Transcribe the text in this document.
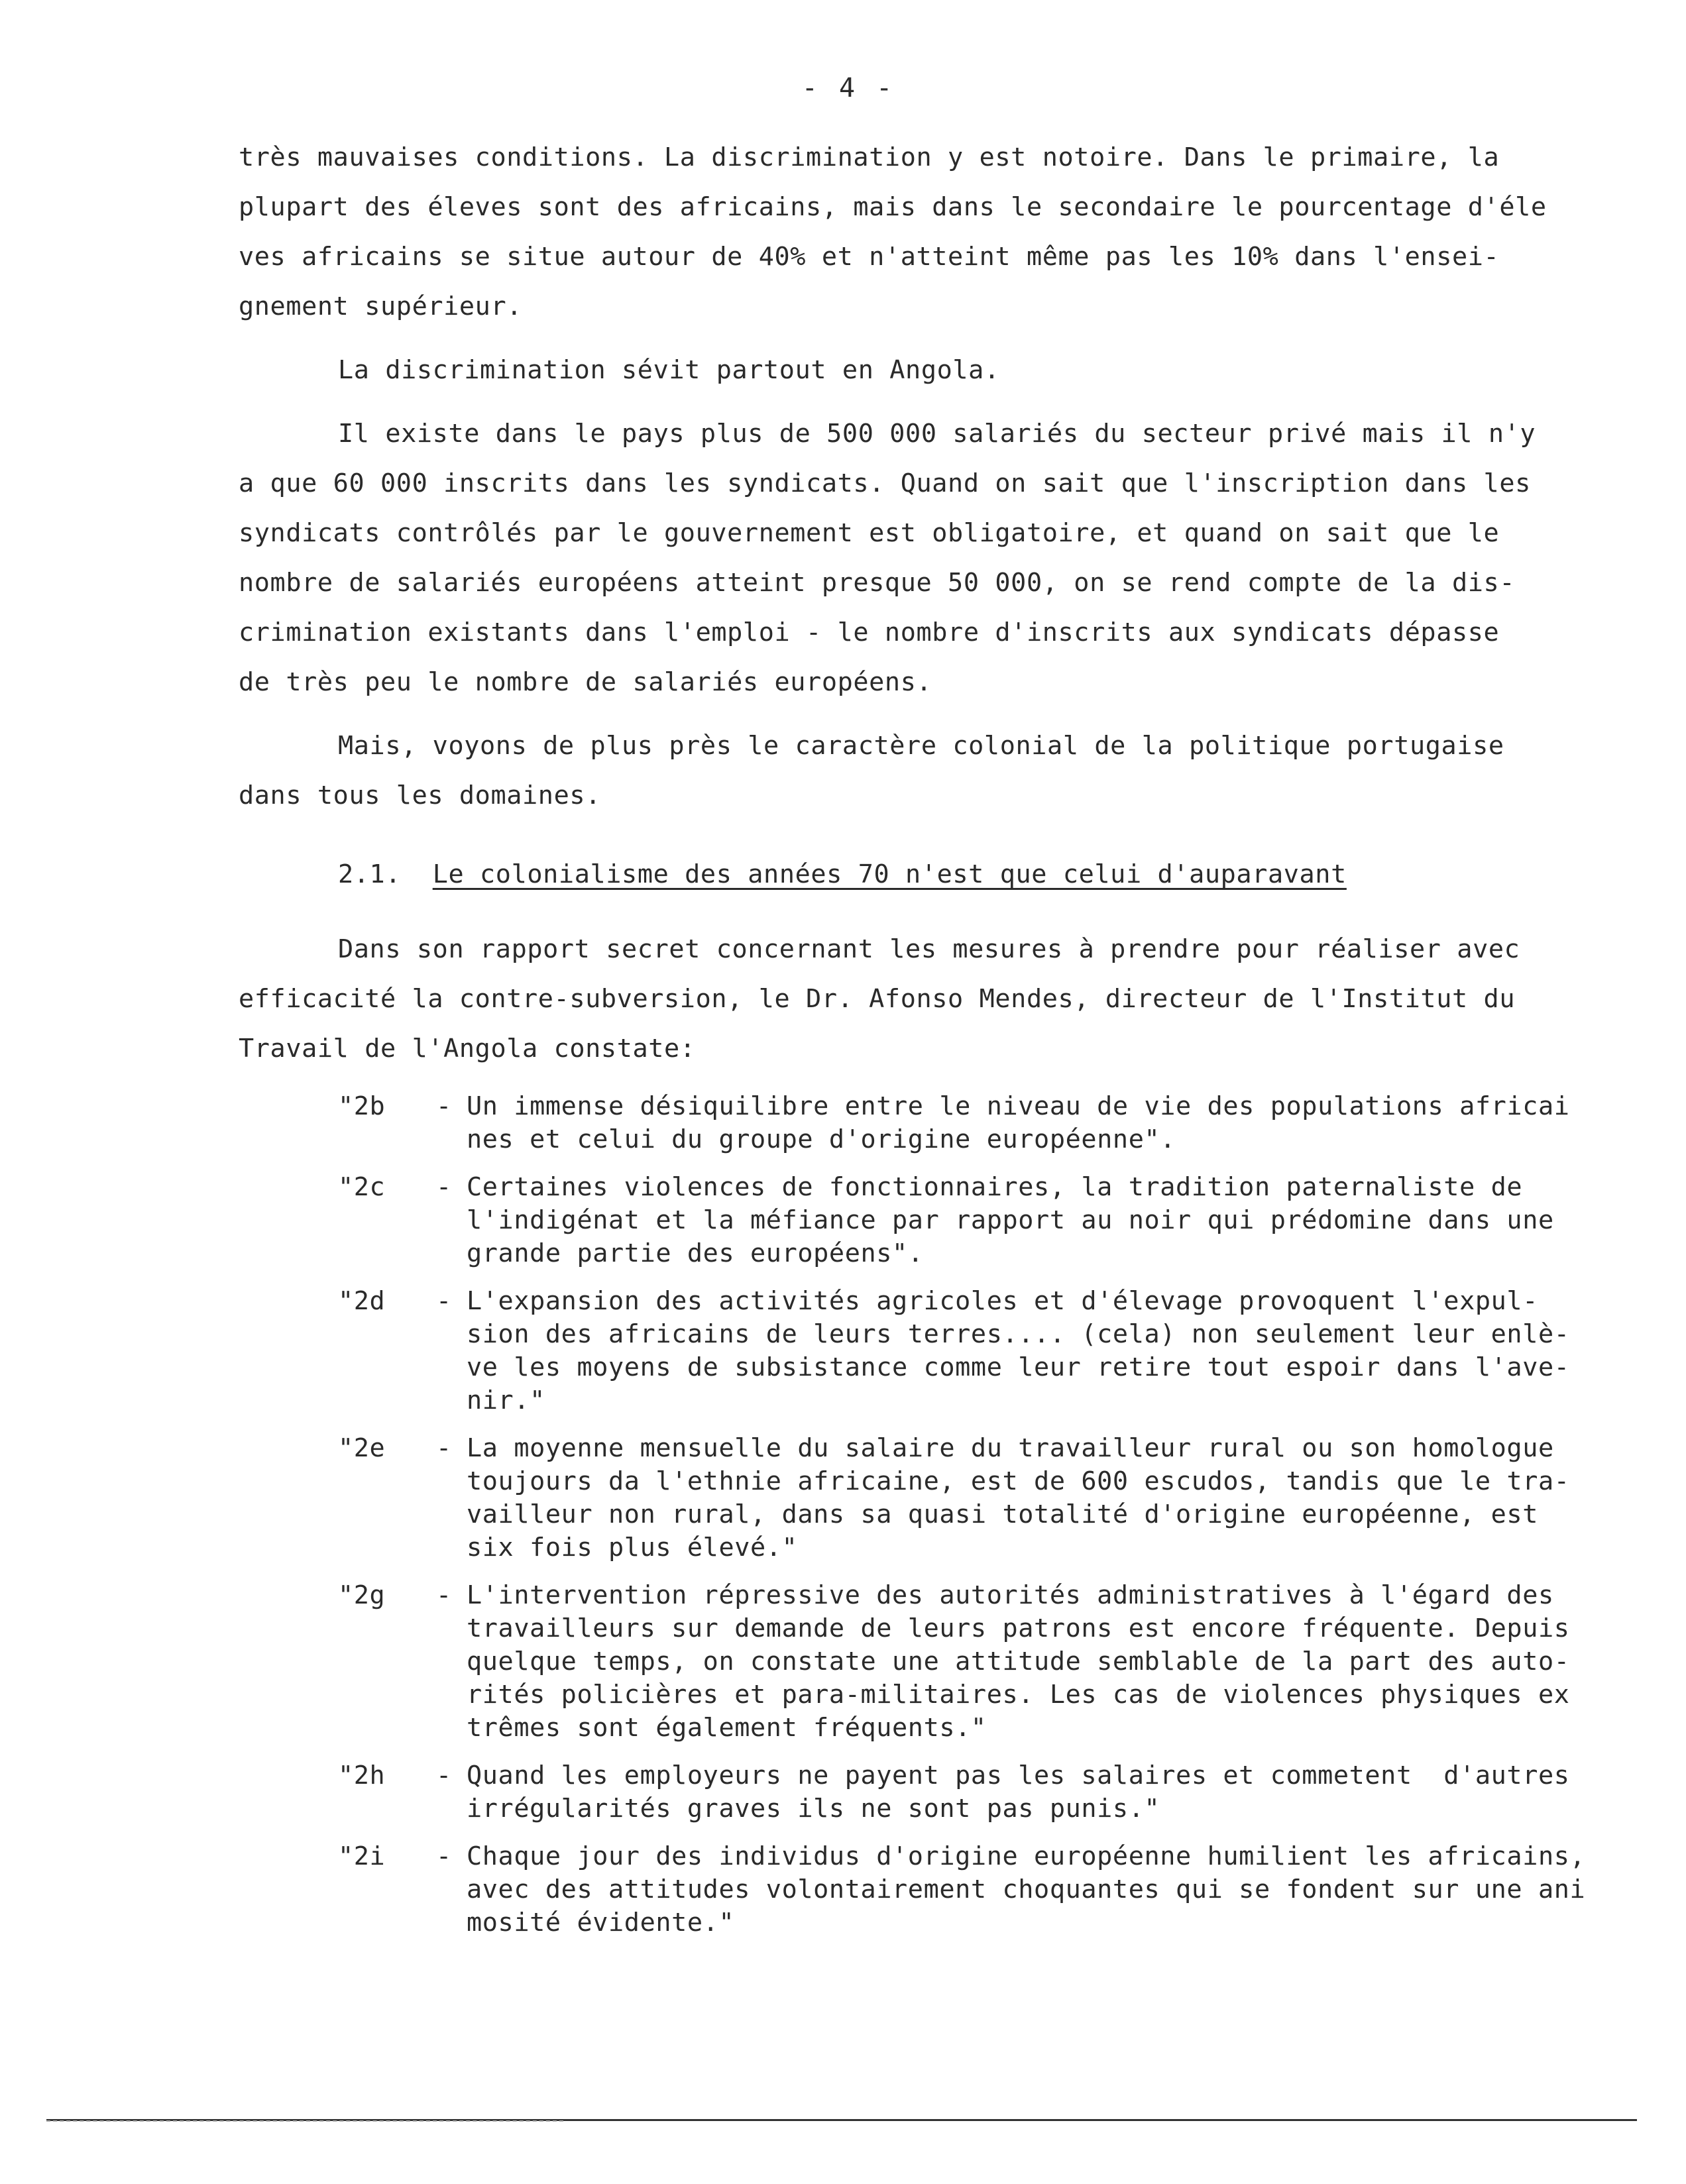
- 4 -
très mauvaises conditions. La discrimination y est notoire. Dans le primaire, la
plupart des éleves sont des africains, mais dans le secondaire le pourcentage d'éle
ves africains se situe autour de 40% et n'atteint même pas les 10% dans l'ensei-
gnement supérieur.
La discrimination sévit partout en Angola.
Il existe dans le pays plus de 500 000 salariés du secteur privé mais il n'y
a que 60 000 inscrits dans les syndicats. Quand on sait que l'inscription dans les
syndicats contrôlés par le gouvernement est obligatoire, et quand on sait que le
nombre de salariés européens atteint presque 50 000, on se rend compte de la dis-
crimination existants dans l'emploi - le nombre d'inscrits aux syndicats dépasse
de très peu le nombre de salariés européens.
Mais, voyons de plus près le caractère colonial de la politique portugaise
dans tous les domaines.
2.1. Le colonialisme des années 70 n'est que celui d'auparavant
Dans son rapport secret concernant les mesures à prendre pour réaliser avec
efficacité la contre-subversion, le Dr. Afonso Mendes, directeur de l'Institut du
Travail de l'Angola constate:
"2b	- Un immense désiquilibre entre le niveau de vie des populations africai
nes et celui du groupe d'origine européenne".
"2c	- Certaines violences de fonctionnaires, la tradition paternaliste de
l'indigénat et la méfiance par rapport au noir qui prédomine dans une
grande partie des européens".
"2d	- L'expansion des activités agricoles et d'élevage provoquent l'expul-
sion des africains de leurs terres.... (cela) non seulement leur enlè-
ve les moyens de subsistance comme leur retire tout espoir dans l'ave-
nir."
"2e	- La moyenne mensuelle du salaire du travailleur rural ou son homologue
toujours da l'ethnie africaine, est de 600 escudos, tandis que le tra-
vailleur non rural, dans sa quasi totalité d'origine européenne, est
six fois plus élevé."
"2g	- L'intervention répressive des autorités administratives à l'égard des
travailleurs sur demande de leurs patrons est encore fréquente. Depuis
quelque temps, on constate une attitude semblable de la part des auto-
rités policières et para-militaires. Les cas de violences physiques ex
trêmes sont également fréquents."
"2h	- Quand les employeurs ne payent pas les salaires et commetent  d'autres
irrégularités graves ils ne sont pas punis."
"2i	- Chaque jour des individus d'origine européenne humilient les africains,
avec des attitudes volontairement choquantes qui se fondent sur une ani
mosité évidente."
